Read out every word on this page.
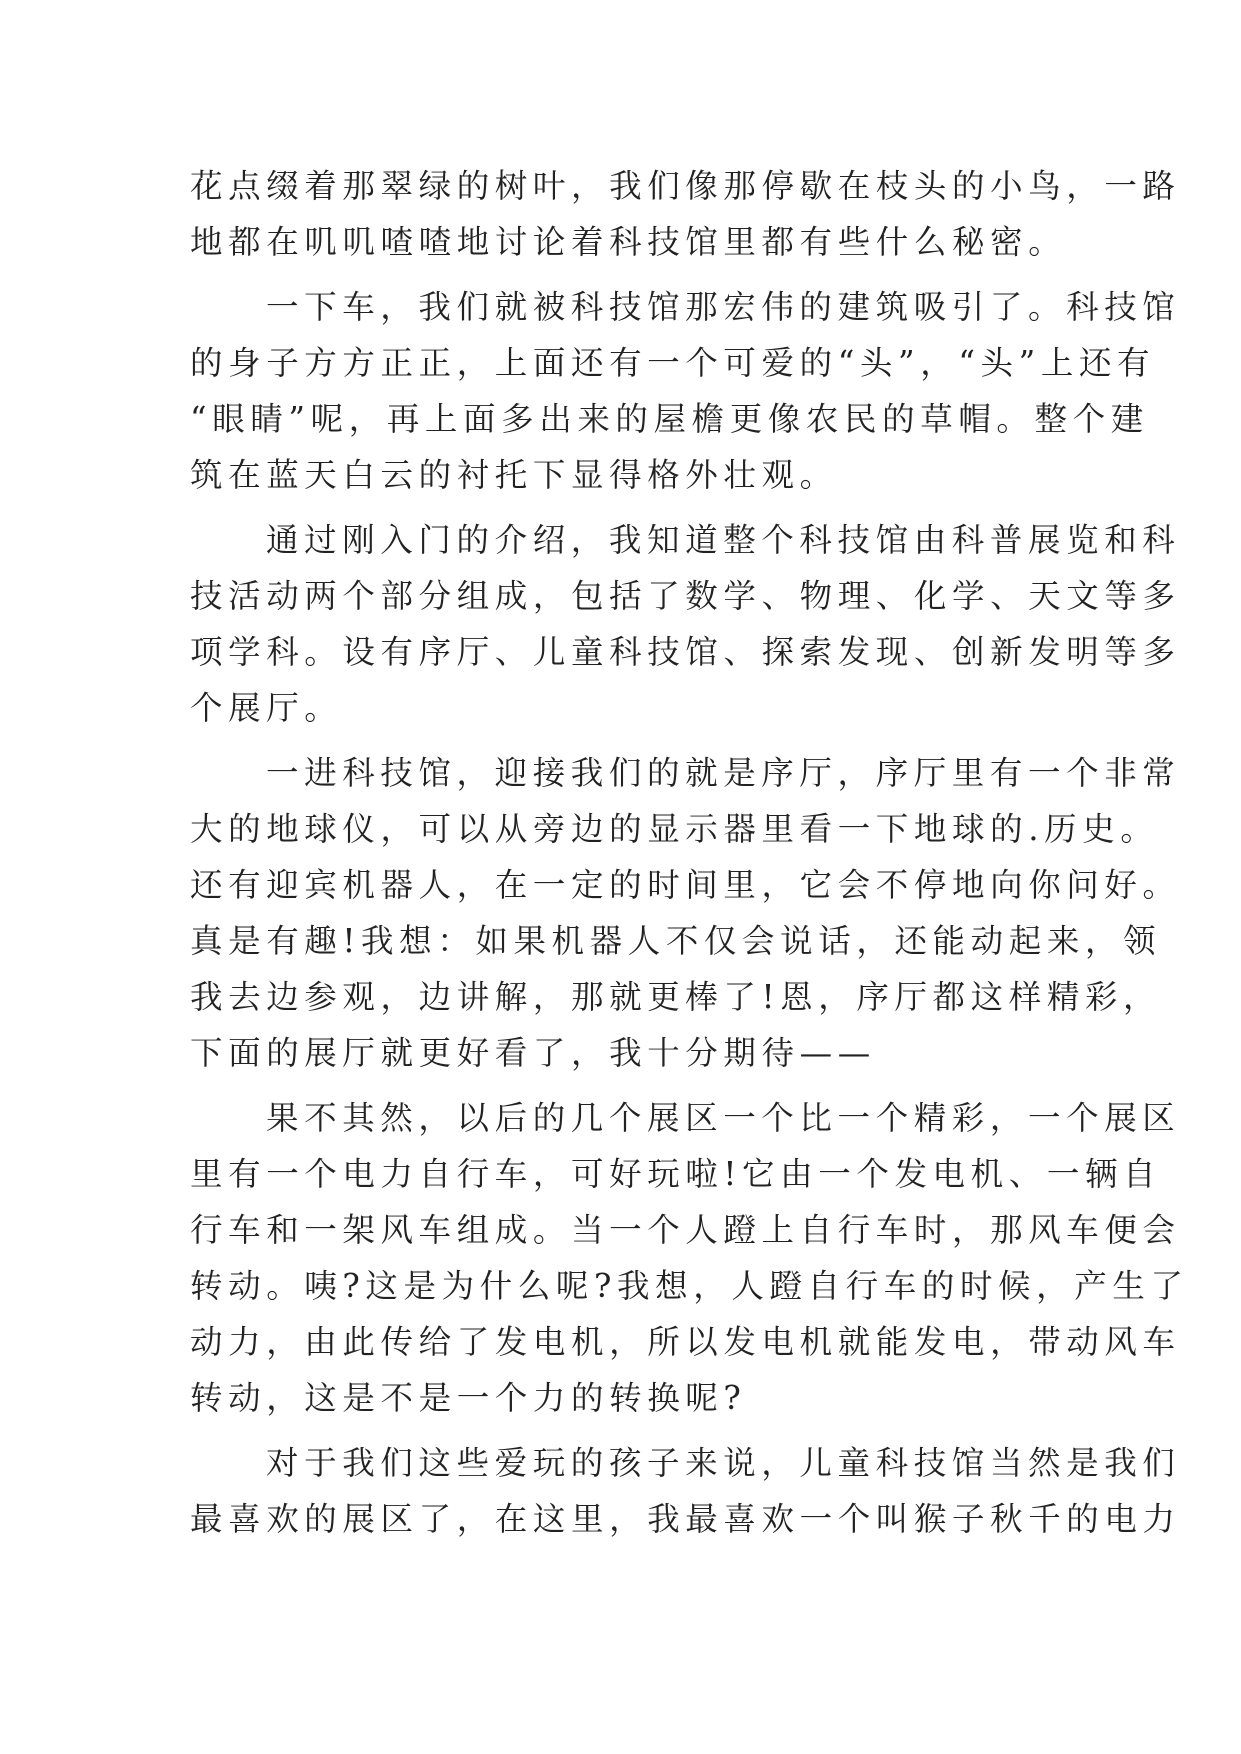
花点缀着那翠绿的树叶，我们像那停歇在枝头的小鸟，一路
地都在叽叽喳喳地讨论着科技馆里都有些什么秘密。
一下车，我们就被科技馆那宏伟的建筑吸引了。科技馆
的身子方方正正，上面还有一个可爱的“头”，“头”上还有
“眼睛”呢，再上面多出来的屋檐更像农民的草帽。整个建
筑在蓝天白云的衬托下显得格外壮观。
通过刚入门的介绍，我知道整个科技馆由科普展览和科
技活动两个部分组成，包括了数学、物理、化学、天文等多
项学科。设有序厅、儿童科技馆、探索发现、创新发明等多
个展厅。
一进科技馆，迎接我们的就是序厅，序厅里有一个非常
大的地球仪，可以从旁边的显示器里看一下地球的.历史。
还有迎宾机器人，在一定的时间里，它会不停地向你问好。
真是有趣!我想：如果机器人不仅会说话，还能动起来，领
我去边参观，边讲解，那就更棒了!恩，序厅都这样精彩，
下面的展厅就更好看了，我十分期待——
果不其然，以后的几个展区一个比一个精彩，一个展区
里有一个电力自行车，可好玩啦!它由一个发电机、一辆自
行车和一架风车组成。当一个人蹬上自行车时，那风车便会
转动。咦?这是为什么呢?我想，人蹬自行车的时候，产生了
动力，由此传给了发电机，所以发电机就能发电，带动风车
转动，这是不是一个力的转换呢?
对于我们这些爱玩的孩子来说，儿童科技馆当然是我们
最喜欢的展区了，在这里，我最喜欢一个叫猴子秋千的电力
